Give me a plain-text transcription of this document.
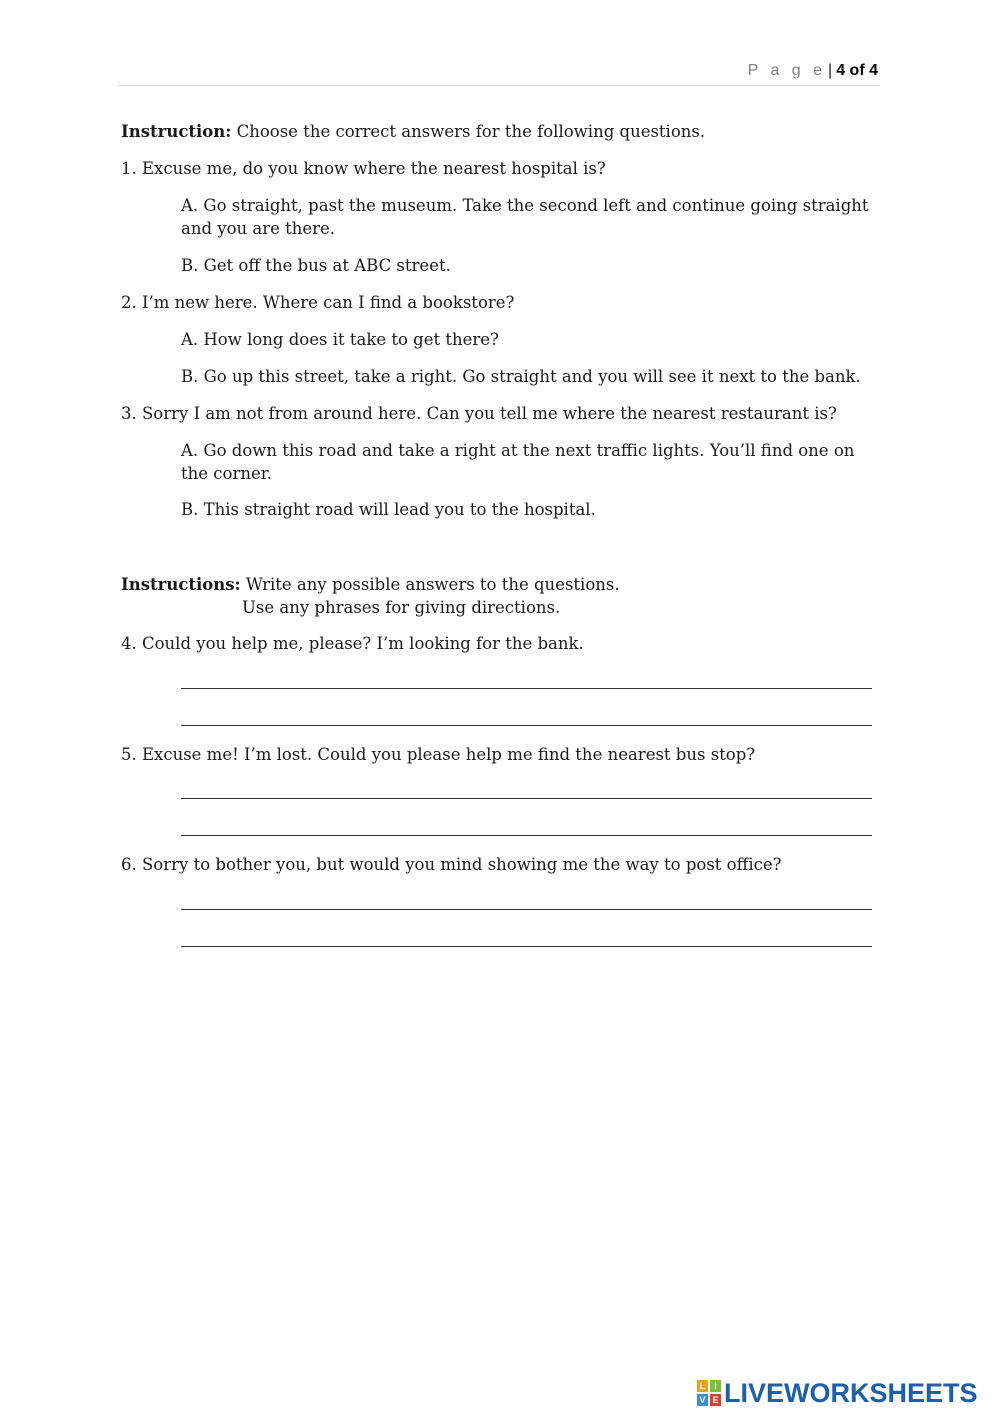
P a g e | 4 of 4
Instruction: Choose the correct answers for the following questions.
1. Excuse me, do you know where the nearest hospital is?
A. Go straight, past the museum. Take the second left and continue going straight and you are there.
B. Get off the bus at ABC street.
2. I’m new here. Where can I find a bookstore?
A. How long does it take to get there?
B. Go up this street, take a right. Go straight and you will see it next to the bank.
3. Sorry I am not from around here. Can you tell me where the nearest restaurant is?
A. Go down this road and take a right at the next traffic lights. You’ll find one on the corner.
B. This straight road will lead you to the hospital.
Instructions: Write any possible answers to the questions.
Use any phrases for giving directions.
4. Could you help me, please? I’m looking for the bank.
5. Excuse me! I’m lost. Could you please help me find the nearest bus stop?
6. Sorry to bother you, but would you mind showing me the way to post office?
L I
V E LIVEWORKSHEETS
